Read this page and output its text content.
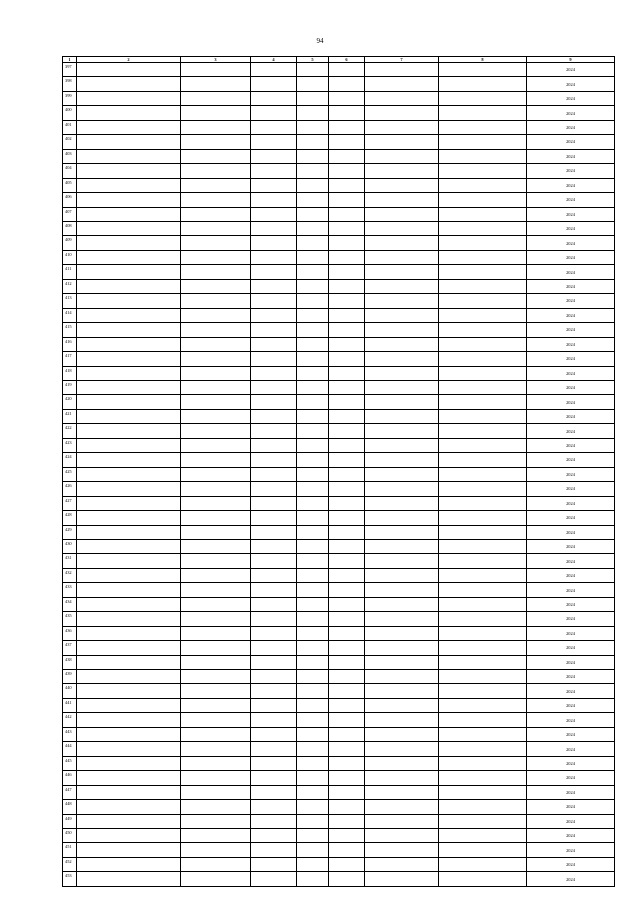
94
1	2	3	4	5	6	7	8	9
397								2024
398								2024
399								2024
400								2024
401								2024
402								2024
403								2024
404								2024
405								2024
406								2024
407								2024
408								2024
409								2024
410								2024
411								2024
412								2024
413								2024
414								2024
415								2024
416								2024
417								2024
418								2024
419								2024
420								2024
421								2024
422								2024
423								2024
424								2024
425								2024
426								2024
427								2024
428								2024
429								2024
430								2024
431								2024
432								2024
433								2024
434								2024
435								2024
436								2024
437								2024
438								2024
439								2024
440								2024
441								2024
442								2024
443								2024
444								2024
445								2024
446								2024
447								2024
448								2024
449								2024
450								2024
451								2024
452								2024
453								2024
